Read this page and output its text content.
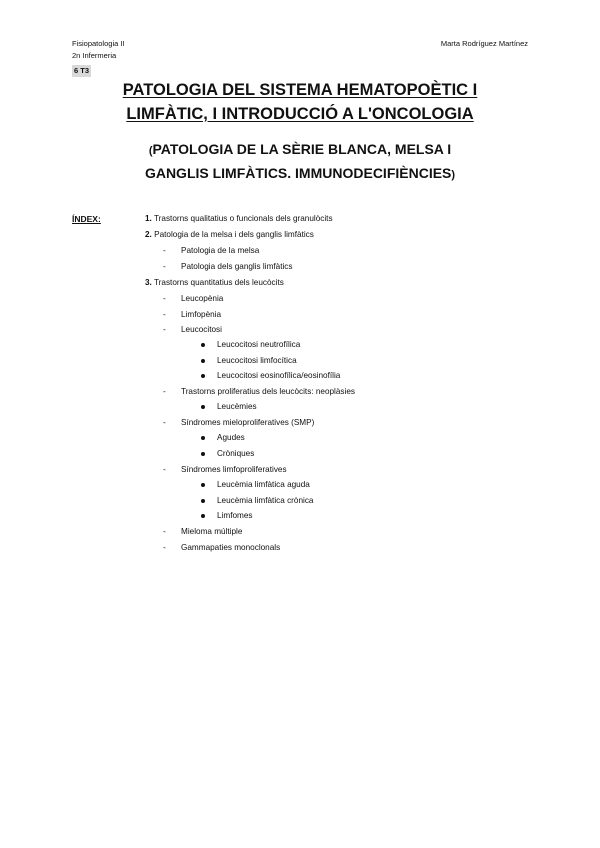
Fisiopatologia II
2n Infermeria
6 T3
Marta Rodríguez Martínez
PATOLOGIA DEL SISTEMA HEMATOPOÈTIC I
LIMFÀTIC, I INTRODUCCIÓ A L'ONCOLOGIA
(PATOLOGIA DE LA SÈRIE BLANCA, MELSA I
GANGLIS LIMFÀTICS. IMMUNODECIFIÈNCIES)
ÍNDEX:	1. Trastorns qualitatius o funcionals dels granulòcits
2. Patologia de la melsa i dels ganglis limfàtics
- Patologia de la melsa
- Patologia dels ganglis limfàtics
3. Trastorns quantitatius dels leucòcits
- Leucopènia
- Limfopènia
- Leucocitosi
Leucocitosi neutrofílica
Leucocitosi limfocítica
Leucocitosi eosinofílica/eosinofília
- Trastorns proliferatius dels leucòcits: neoplàsies
Leucèmies
- Síndromes mieloproliferatives (SMP)
Agudes
Cròniques
- Síndromes limfoproliferatives
Leucèmia limfàtica aguda
Leucèmia limfàtica crònica
Limfomes
- Mieloma múltiple
- Gammapaties monoclonals
